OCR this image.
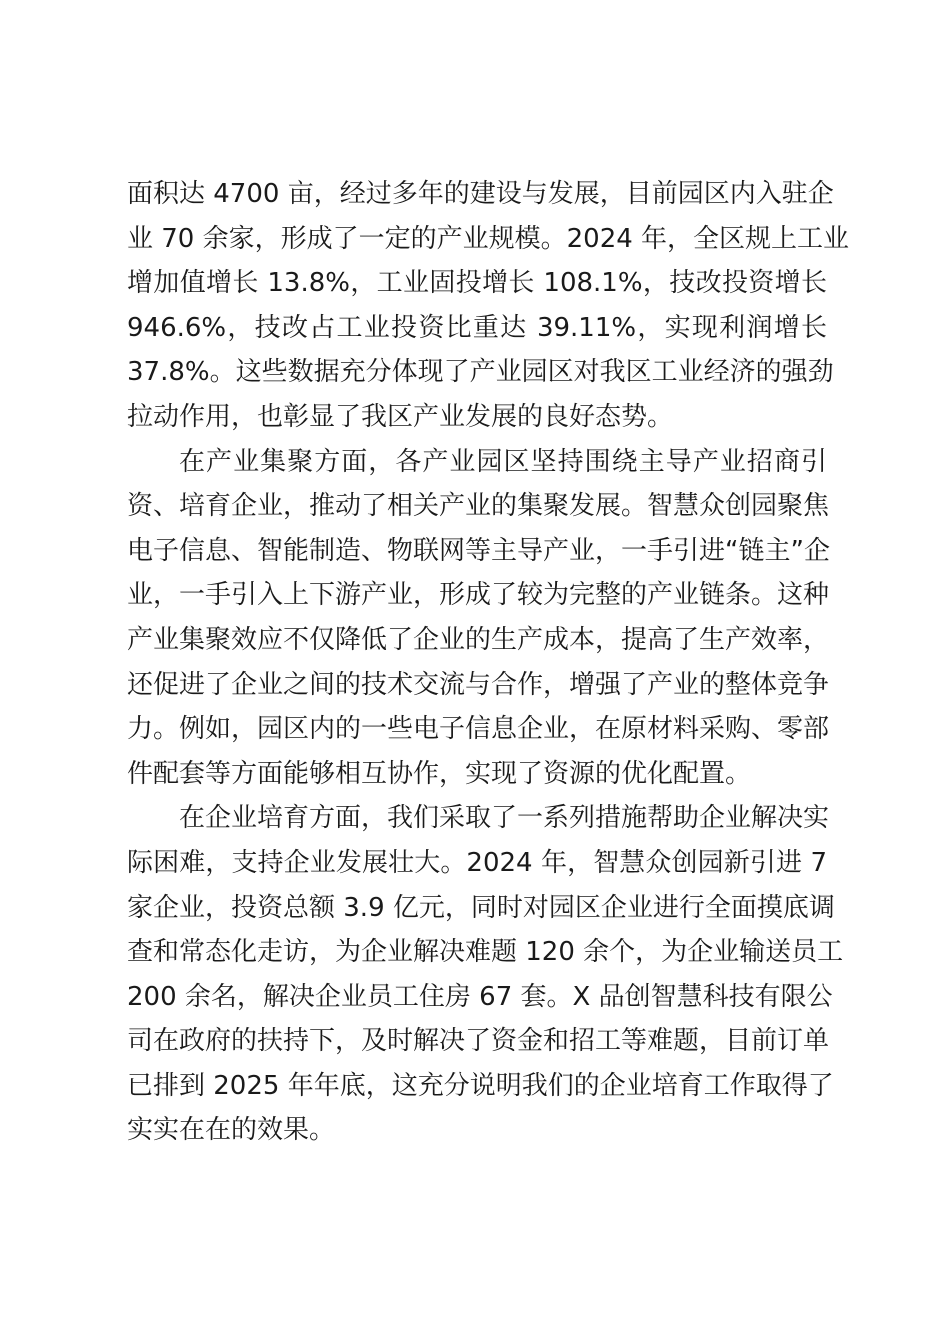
面积达 4700 亩，经过多年的建设与发展，目前园区内入驻企
业 70 余家，形成了一定的产业规模。2024 年，全区规上工业
增加值增长 13.8%，工业固投增长 108.1%，技改投资增长
946.6%，技改占工业投资比重达 39.11%，实现利润增长
37.8%。这些数据充分体现了产业园区对我区工业经济的强劲
拉动作用，也彰显了我区产业发展的良好态势。
在产业集聚方面，各产业园区坚持围绕主导产业招商引
资、培育企业，推动了相关产业的集聚发展。智慧众创园聚焦
电子信息、智能制造、物联网等主导产业，一手引进“链主”企
业，一手引入上下游产业，形成了较为完整的产业链条。这种
产业集聚效应不仅降低了企业的生产成本，提高了生产效率，
还促进了企业之间的技术交流与合作，增强了产业的整体竞争
力。例如，园区内的一些电子信息企业，在原材料采购、零部
件配套等方面能够相互协作，实现了资源的优化配置。
在企业培育方面，我们采取了一系列措施帮助企业解决实
际困难，支持企业发展壮大。2024 年，智慧众创园新引进 7
家企业，投资总额 3.9 亿元，同时对园区企业进行全面摸底调
查和常态化走访，为企业解决难题 120 余个，为企业输送员工
200 余名，解决企业员工住房 67 套。X 品创智慧科技有限公
司在政府的扶持下，及时解决了资金和招工等难题，目前订单
已排到 2025 年年底，这充分说明我们的企业培育工作取得了
实实在在的效果。
